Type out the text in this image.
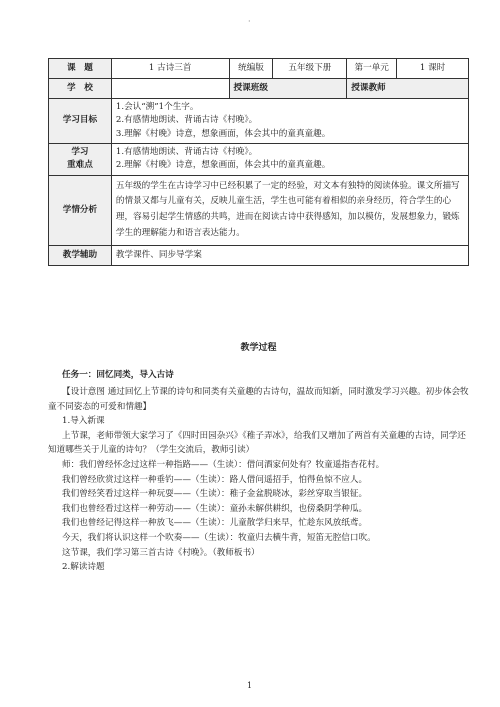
·
课　题	1 古诗三首	统编版	五年级下册	第一单元	1 课时
学　校		授课班级		授课教师	
学习目标	1.会认“溯”1个生字。
2.有感情地朗读、背诵古诗《村晚》。
3.理解《村晚》诗意，想象画面，体会其中的童真童趣。				

学习
重难点	1.有感情地朗读、背诵古诗《村晚》。
2.理解《村晚》诗意，想象画面，体会其中的童真童趣。				

学情分析	五年级的学生在古诗学习中已经积累了一定的经验，对文本有独特的阅读体验。课文所描写的情景又都与儿童有关，反映儿童生活，学生也可能有着相似的亲身经历，符合学生的心理，容易引起学生情感的共鸣，进而在阅读古诗中获得感知，加以模仿，发展想象力，锻炼学生的理解能力和语言表达能力。				
教学辅助	教学课件、同步导学案				
教学过程
任务一：回忆同类，导入古诗

【设计意图 通过回忆上节课的诗句和同类有关童趣的古诗句，温故而知新，同时激发学习兴趣。初步体会牧童不同姿态的可爱和情趣】

1.导入新课

上节课，老师带领大家学习了《四时田园杂兴》《稚子弄冰》，给我们又增加了两首有关童趣的古诗，同学还知道哪些关于儿童的诗句？（学生交流后，教师引读）

师：我们曾经怀念过这样一种指路——（生读）：借问酒家何处有？牧童遥指杏花村。

我们曾经欣赏过这样一种垂钓——（生读）：路人借问遥招手，怕得鱼惊不应人。

我们曾经笑看过这样一种玩耍——（生读）：稚子金盆脱晓冰，彩丝穿取当银钲。

我们也曾经看过这样一种劳动——（生读）：童孙未解供耕织，也傍桑阴学种瓜。

我们也曾经记得这样一种放飞——（生读）：儿童散学归来早，忙趁东风放纸鸢。

今天，我们将认识这样一个吹奏——（生读）：牧童归去横牛背，短笛无腔信口吹。

这节课，我们学习第三首古诗《村晚》。（教师板书）

2.解读诗题

1
